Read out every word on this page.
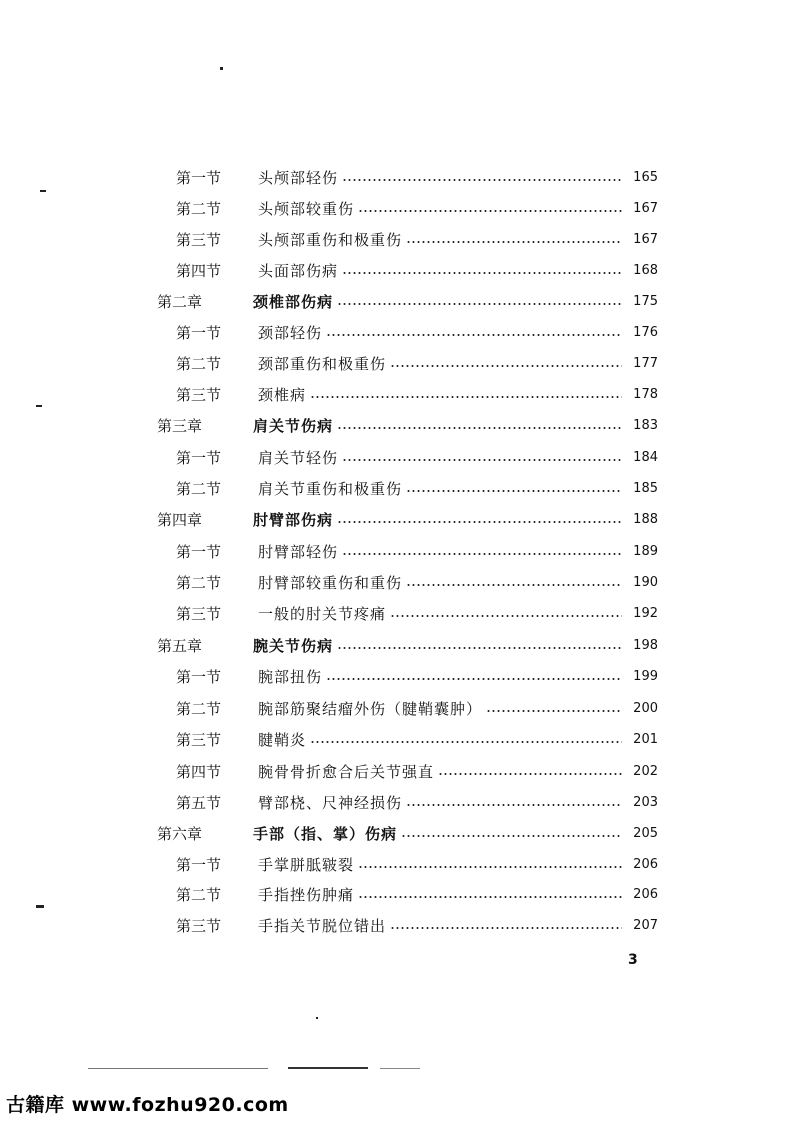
第一节	头颅部轻伤	165
第二节	头颅部较重伤	167
第三节	头颅部重伤和极重伤	167
第四节	头面部伤病	168
第二章	颈椎部伤病	175
第一节	颈部轻伤	176
第二节	颈部重伤和极重伤	177
第三节	颈椎病	178
第三章	肩关节伤病	183
第一节	肩关节轻伤	184
第二节	肩关节重伤和极重伤	185
第四章	肘臂部伤病	188
第一节	肘臂部轻伤	189
第二节	肘臂部较重伤和重伤	190
第三节	一般的肘关节疼痛	192
第五章	腕关节伤病	198
第一节	腕部扭伤	199
第二节	腕部筋聚结瘤外伤（腱鞘囊肿）	200
第三节	腱鞘炎	201
第四节	腕骨骨折愈合后关节强直	202
第五节	臂部桡、尺神经损伤	203
第六章	手部（指、掌）伤病	205
第一节	手掌胼胝皲裂	206
第二节	手指挫伤肿痛	206
第三节	手指关节脱位错出	207
3
古籍库 www.fozhu920.com
